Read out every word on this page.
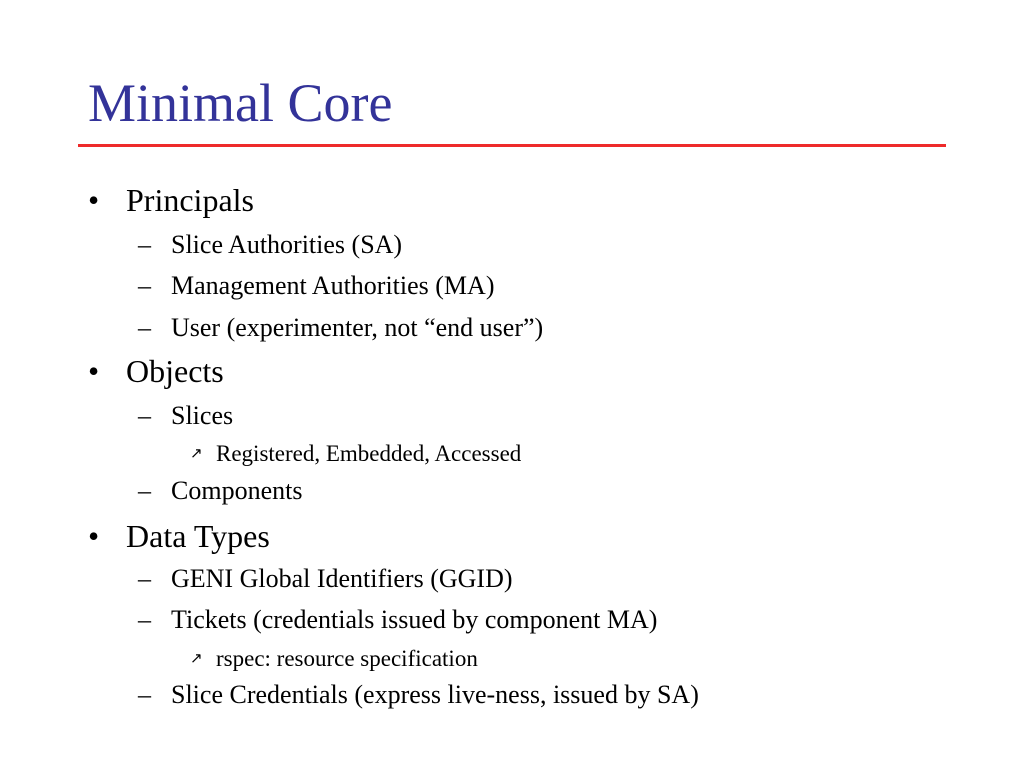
Minimal Core
• Principals
– Slice Authorities (SA)
– Management Authorities (MA)
– User (experimenter, not “end user”)
• Objects
– Slices
↗ Registered, Embedded, Accessed
– Components
• Data Types
– GENI Global Identifiers (GGID)
– Tickets (credentials issued by component MA)
↗ rspec: resource specification
– Slice Credentials (express live-ness, issued by SA)
